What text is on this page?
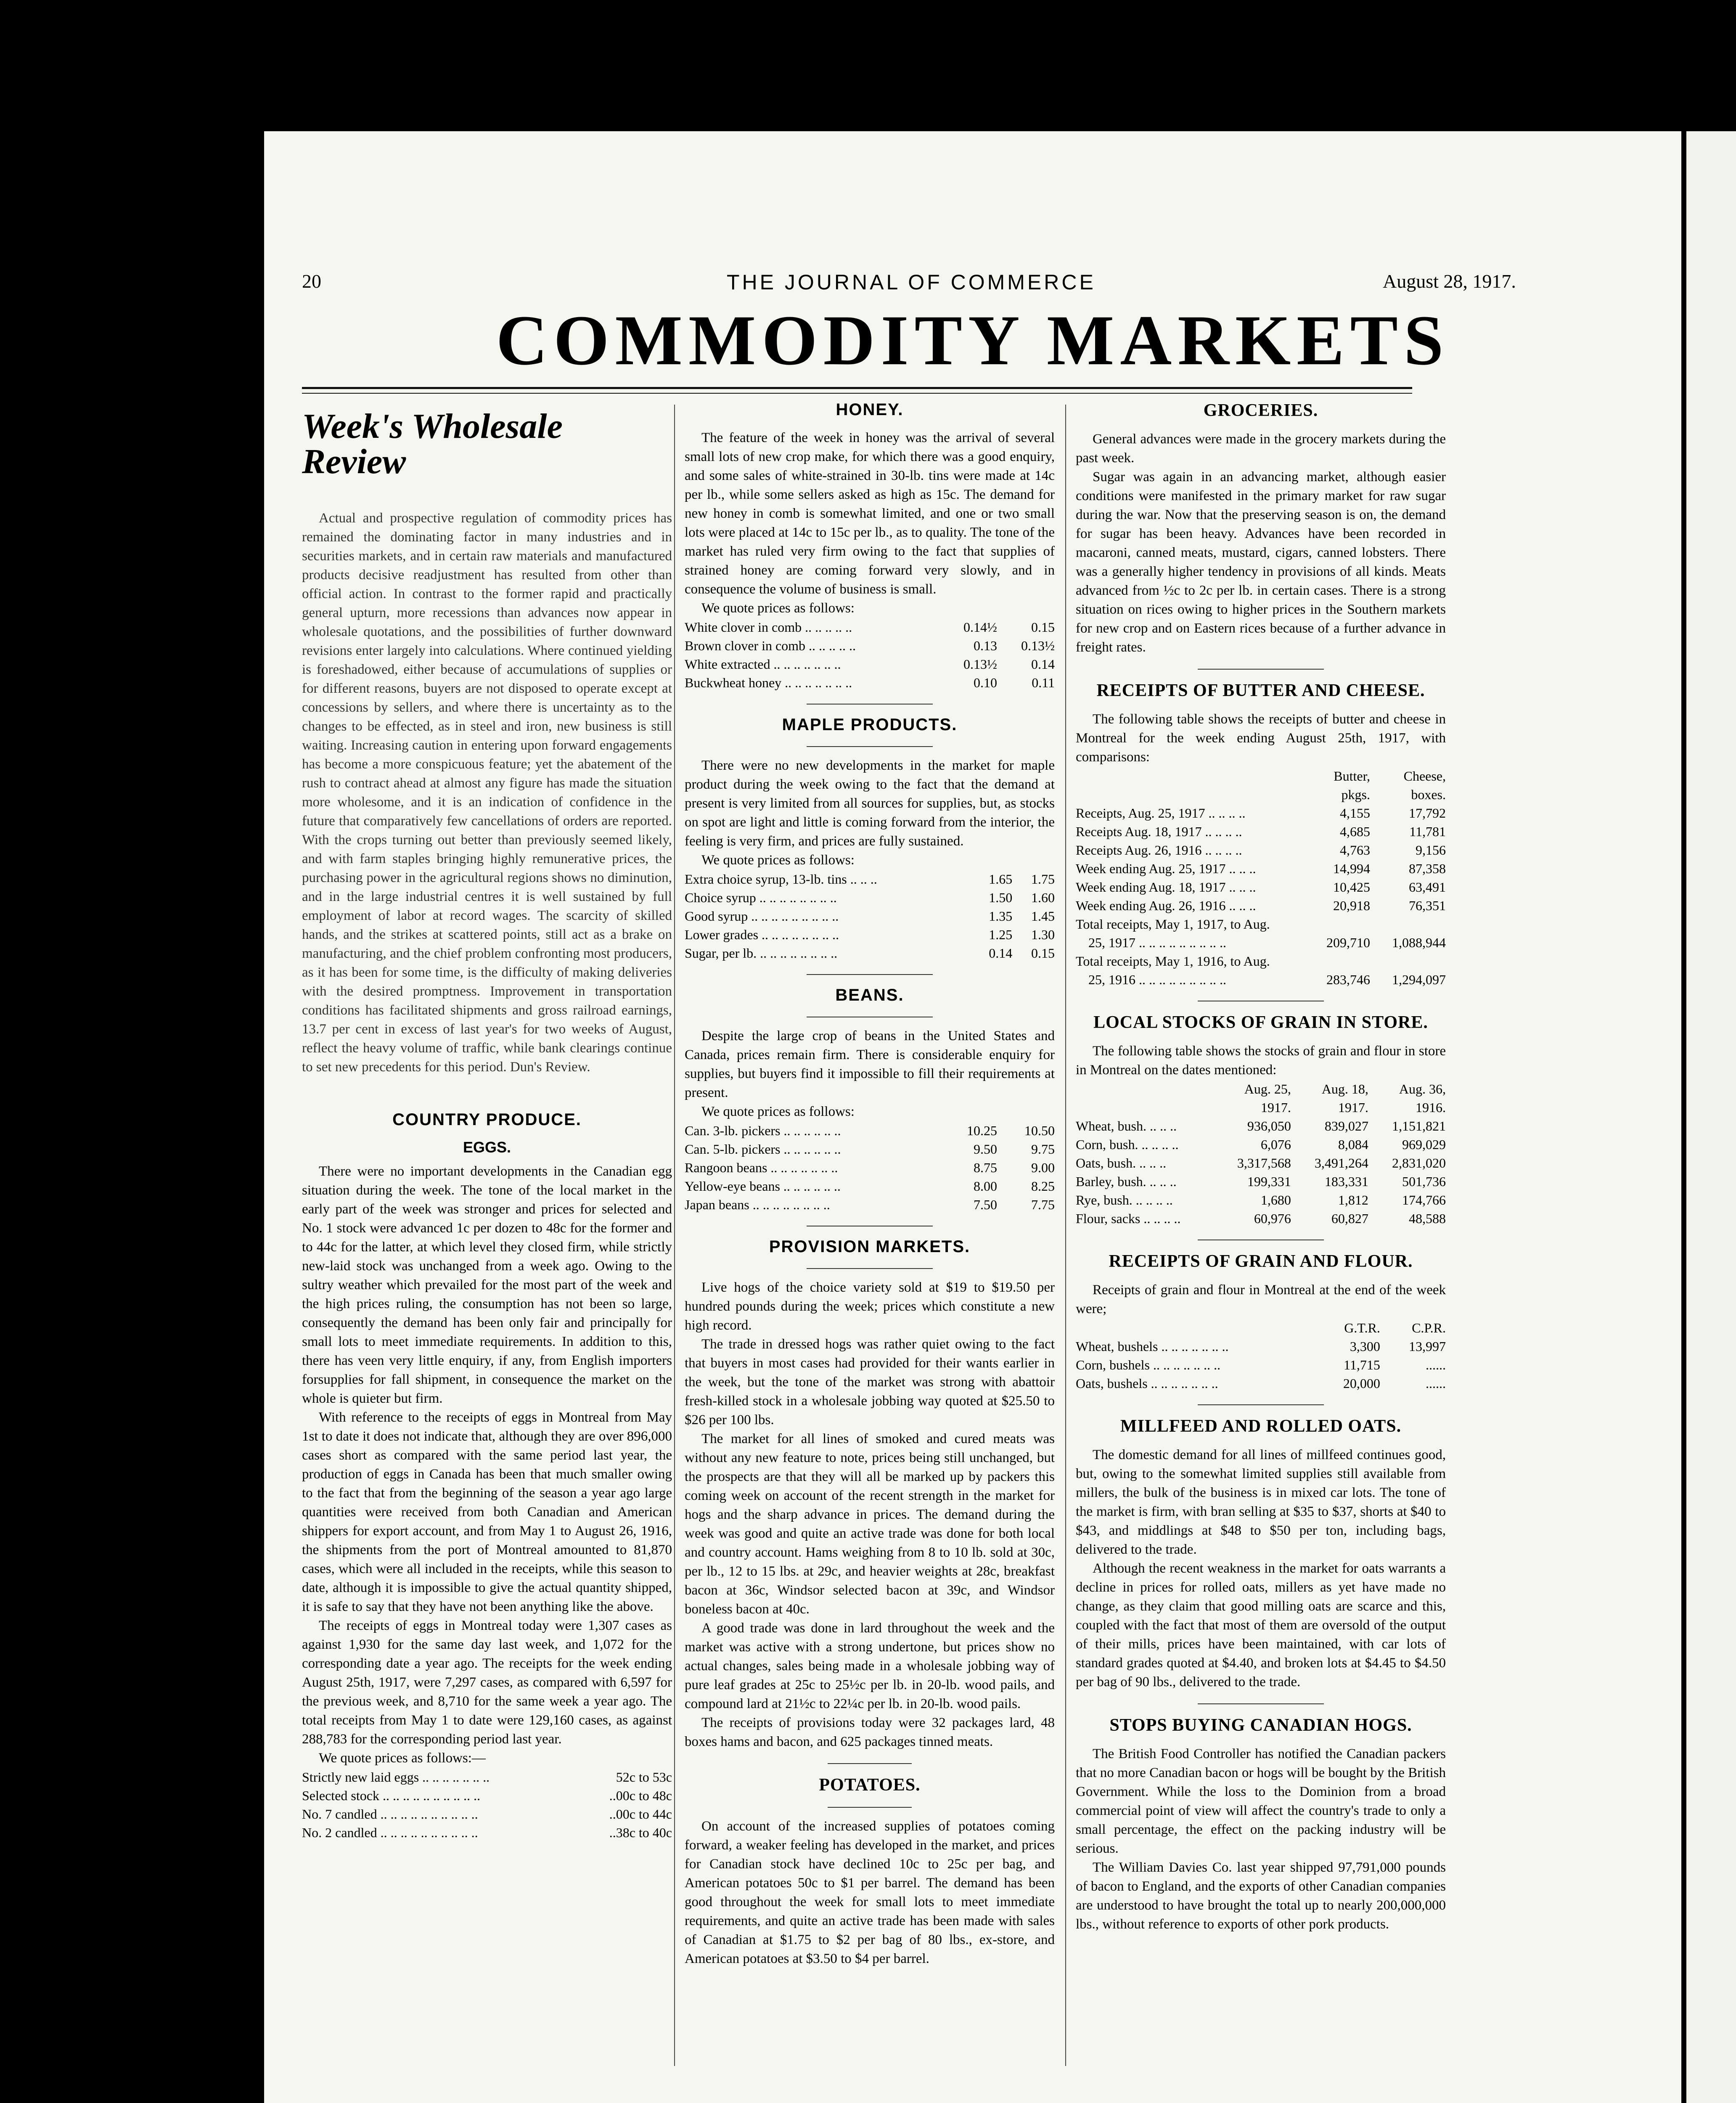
20	THE JOURNAL OF COMMERCE	August 28, 1917.
COMMODITY MARKETS
Week's Wholesale Review

Actual and prospective regulation of commodity prices has remained the dominating factor in many industries and in securities markets, and in certain raw materials and manufactured products decisive readjustment has resulted from other than official action. In contrast to the former rapid and practically general upturn, more recessions than advances now appear in wholesale quotations, and the possibilities of further downward revisions enter largely into calculations. Where continued yielding is foreshadowed, either because of accumulations of supplies or for different reasons, buyers are not disposed to operate except at concessions by sellers, and where there is uncertainty as to the changes to be effected, as in steel and iron, new business is still waiting. Increasing caution in entering upon forward engagements has become a more conspicuous feature; yet the abatement of the rush to contract ahead at almost any figure has made the situation more wholesome, and it is an indication of confidence in the future that comparatively few cancellations of orders are reported. With the crops turning out better than previously seemed likely, and with farm staples bringing highly remunerative prices, the purchasing power in the agricultural regions shows no diminution, and in the large industrial centres it is well sustained by full employment of labor at record wages. The scarcity of skilled hands, and the strikes at scattered points, still act as a brake on manufacturing, and the chief problem confronting most producers, as it has been for some time, is the difficulty of making deliveries with the desired promptness. Improvement in transportation conditions has facilitated shipments and gross railroad earnings, 13.7 per cent in excess of last year's for two weeks of August, reflect the heavy volume of traffic, while bank clearings continue to set new precedents for this period. Dun's Review.

COUNTRY PRODUCE.
EGGS.

There were no important developments in the Canadian egg situation during the week. The tone of the local market in the early part of the week was stronger and prices for selected and No. 1 stock were advanced 1c per dozen to 48c for the former and to 44c for the latter, at which level they closed firm, while strictly new-laid stock was unchanged from a week ago. Owing to the sultry weather which prevailed for the most part of the week and the high prices ruling, the consumption has not been so large, consequently the demand has been only fair and principally for small lots to meet immediate requirements. In addition to this, there has veen very little enquiry, if any, from English importers forsupplies for fall shipment, in consequence the market on the whole is quieter but firm.

With reference to the receipts of eggs in Montreal from May 1st to date it does not indicate that, although they are over 896,000 cases short as compared with the same period last year, the production of eggs in Canada has been that much smaller owing to the fact that from the beginning of the season a year ago large quantities were received from both Canadian and American shippers for export account, and from May 1 to August 26, 1916, the shipments from the port of Montreal amounted to 81,870 cases, which were all included in the receipts, while this season to date, although it is impossible to give the actual quantity shipped, it is safe to say that they have not been anything like the above.

The receipts of eggs in Montreal today were 1,307 cases as against 1,930 for the same day last week, and 1,072 for the corresponding date a year ago. The receipts for the week ending August 25th, 1917, were 7,297 cases, as compared with 6,597 for the previous week, and 8,710 for the same week a year ago. The total receipts from May 1 to date were 129,160 cases, as against 288,783 for the corresponding period last year.

We quote prices as follows:—

Strictly new laid eggs .. .. .. .. .. .. ..	52c to 53c
Selected stock .. .. .. .. .. .. .. .. .. ..	..00c to 48c
No. 7 candled .. .. .. .. .. .. .. .. .. ..	..00c to 44c
No. 2 candled .. .. .. .. .. .. .. .. .. ..	..38c to 40c
HONEY.

The feature of the week in honey was the arrival of several small lots of new crop make, for which there was a good enquiry, and some sales of white-strained in 30-lb. tins were made at 14c per lb., while some sellers asked as high as 15c. The demand for new honey in comb is somewhat limited, and one or two small lots were placed at 14c to 15c per lb., as to quality. The tone of the market has ruled very firm owing to the fact that supplies of strained honey are coming forward very slowly, and in consequence the volume of business is small.

We quote prices as follows:

White clover in comb .. .. .. .. ..	0.14½	0.15
Brown clover in comb .. .. .. .. ..	0.13	0.13½
White extracted .. .. .. .. .. .. ..	0.13½	0.14
Buckwheat honey .. .. .. .. .. .. ..	0.10	0.11
MAPLE PRODUCTS.

There were no new developments in the market for maple product during the week owing to the fact that the demand at present is very limited from all sources for supplies, but, as stocks on spot are light and little is coming forward from the interior, the feeling is very firm, and prices are fully sustained.

We quote prices as follows:

Extra choice syrup, 13-lb. tins .. .. ..	1.65	1.75
Choice syrup .. .. .. .. .. .. .. ..	1.50	1.60
Good syrup .. .. .. .. .. .. .. .. ..	1.35	1.45
Lower grades .. .. .. .. .. .. .. ..	1.25	1.30
Sugar, per lb. .. .. .. .. .. .. .. ..	0.14	0.15
BEANS.

Despite the large crop of beans in the United States and Canada, prices remain firm. There is considerable enquiry for supplies, but buyers find it impossible to fill their requirements at present.

We quote prices as follows:

Can. 3-lb. pickers .. .. .. .. .. ..	10.25	10.50
Can. 5-lb. pickers .. .. .. .. .. ..	9.50	9.75
Rangoon beans .. .. .. .. .. .. ..	8.75	9.00
Yellow-eye beans .. .. .. .. .. ..	8.00	8.25
Japan beans .. .. .. .. .. .. .. ..	7.50	7.75
PROVISION MARKETS.

Live hogs of the choice variety sold at $19 to $19.50 per hundred pounds during the week; prices which constitute a new high record.

The trade in dressed hogs was rather quiet owing to the fact that buyers in most cases had provided for their wants earlier in the week, but the tone of the market was strong with abattoir fresh-killed stock in a wholesale jobbing way quoted at $25.50 to $26 per 100 lbs.

The market for all lines of smoked and cured meats was without any new feature to note, prices being still unchanged, but the prospects are that they will all be marked up by packers this coming week on account of the recent strength in the market for hogs and the sharp advance in prices. The demand during the week was good and quite an active trade was done for both local and country account. Hams weighing from 8 to 10 lb. sold at 30c, per lb., 12 to 15 lbs. at 29c, and heavier weights at 28c, breakfast bacon at 36c, Windsor selected bacon at 39c, and Windsor boneless bacon at 40c.

A good trade was done in lard throughout the week and the market was active with a strong undertone, but prices show no actual changes, sales being made in a wholesale jobbing way of pure leaf grades at 25c to 25½c per lb. in 20-lb. wood pails, and compound lard at 21½c to 22¼c per lb. in 20-lb. wood pails.

The receipts of provisions today were 32 packages lard, 48 boxes hams and bacon, and 625 packages tinned meats.

POTATOES.

On account of the increased supplies of potatoes coming forward, a weaker feeling has developed in the market, and prices for Canadian stock have declined 10c to 25c per bag, and American potatoes 50c to $1 per barrel. The demand has been good throughout the week for small lots to meet immediate requirements, and quite an active trade has been made with sales of Canadian at $1.75 to $2 per bag of 80 lbs., ex-store, and American potatoes at $3.50 to $4 per barrel.

GROCERIES.

General advances were made in the grocery markets during the past week.

Sugar was again in an advancing market, although easier conditions were manifested in the primary market for raw sugar during the war. Now that the preserving season is on, the demand for sugar has been heavy. Advances have been recorded in macaroni, canned meats, mustard, cigars, canned lobsters. There was a generally higher tendency in provisions of all kinds. Meats advanced from ½c to 2c per lb. in certain cases. There is a strong situation on rices owing to higher prices in the Southern markets for new crop and on Eastern rices because of a further advance in freight rates.

RECEIPTS OF BUTTER AND CHEESE.

The following table shows the receipts of butter and cheese in Montreal for the week ending August 25th, 1917, with comparisons:

	Butter,	Cheese,
	pkgs.	boxes.
Receipts, Aug. 25, 1917 .. .. .. ..	4,155	17,792
Receipts Aug. 18, 1917 .. .. .. ..	4,685	11,781
Receipts Aug. 26, 1916 .. .. .. ..	4,763	9,156
Week ending Aug. 25, 1917 .. .. ..	14,994	87,358
Week ending Aug. 18, 1917 .. .. ..	10,425	63,491
Week ending Aug. 26, 1916 .. .. ..	20,918	76,351
Total receipts, May 1, 1917, to Aug.		
25, 1917 .. .. .. .. .. .. .. .. ..	209,710	1,088,944
Total receipts, May 1, 1916, to Aug.		
25, 1916 .. .. .. .. .. .. .. .. ..	283,746	1,294,097
LOCAL STOCKS OF GRAIN IN STORE.

The following table shows the stocks of grain and flour in store in Montreal on the dates mentioned:

	Aug. 25,	Aug. 18,	Aug. 36,
	1917.	1917.	1916.
Wheat, bush. .. .. ..	936,050	839,027	1,151,821
Corn, bush. .. .. .. ..	6,076	8,084	969,029
Oats, bush. .. .. ..	3,317,568	3,491,264	2,831,020
Barley, bush. .. .. ..	199,331	183,331	501,736
Rye, bush. .. .. .. ..	1,680	1,812	174,766
Flour, sacks .. .. .. ..	60,976	60,827	48,588
RECEIPTS OF GRAIN AND FLOUR.

Receipts of grain and flour in Montreal at the end of the week were;

	G.T.R.	C.P.R.
Wheat, bushels .. .. .. .. .. .. ..	3,300	13,997
Corn, bushels .. .. .. .. .. .. ..	11,715	......
Oats, bushels .. .. .. .. .. .. ..	20,000	......
MILLFEED AND ROLLED OATS.

The domestic demand for all lines of millfeed continues good, but, owing to the somewhat limited supplies still available from millers, the bulk of the business is in mixed car lots. The tone of the market is firm, with bran selling at $35 to $37, shorts at $40 to $43, and middlings at $48 to $50 per ton, including bags, delivered to the trade.

Although the recent weakness in the market for oats warrants a decline in prices for rolled oats, millers as yet have made no change, as they claim that good milling oats are scarce and this, coupled with the fact that most of them are oversold of the output of their mills, prices have been maintained, with car lots of standard grades quoted at $4.40, and broken lots at $4.45 to $4.50 per bag of 90 lbs., delivered to the trade.

STOPS BUYING CANADIAN HOGS.

The British Food Controller has notified the Canadian packers that no more Canadian bacon or hogs will be bought by the British Government. While the loss to the Dominion from a broad commercial point of view will affect the country's trade to only a small percentage, the effect on the packing industry will be serious.

The William Davies Co. last year shipped 97,791,000 pounds of bacon to England, and the exports of other Canadian companies are understood to have brought the total up to nearly 200,000,000 lbs., without reference to exports of other pork products.
